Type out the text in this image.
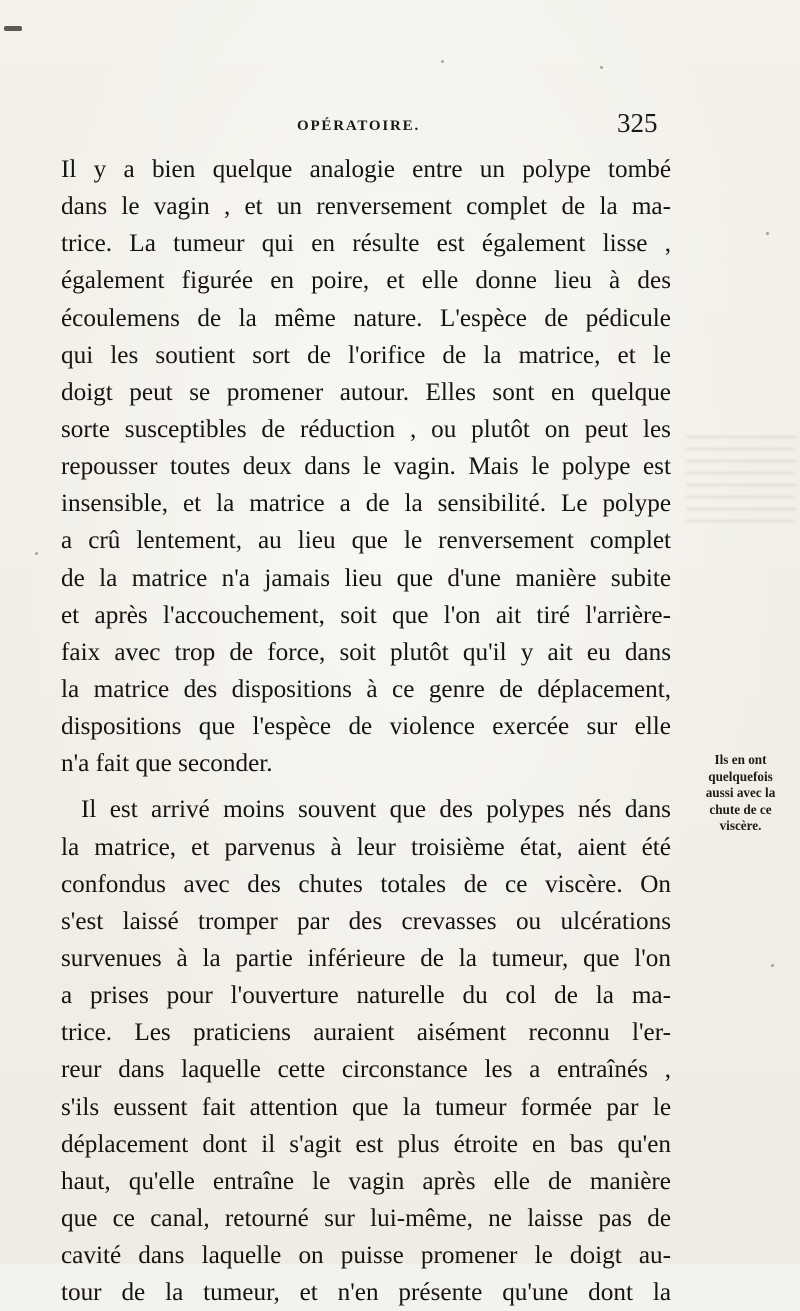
OPÉRATOIRE.	325
Il y a bien quelque analogie entre un polype tombé
dans le vagin , et un renversement complet de la ma-
trice. La tumeur qui en résulte est également lisse ,
également figurée en poire, et elle donne lieu à des
écoulemens de la même nature. L'espèce de pédicule
qui les soutient sort de l'orifice de la matrice, et le
doigt peut se promener autour. Elles sont en quelque
sorte susceptibles de réduction , ou plutôt on peut les
repousser toutes deux dans le vagin. Mais le polype est
insensible, et la matrice a de la sensibilité. Le polype
a crû lentement, au lieu que le renversement complet
de la matrice n'a jamais lieu que d'une manière subite
et après l'accouchement, soit que l'on ait tiré l'arrière-
faix avec trop de force, soit plutôt qu'il y ait eu dans
la matrice des dispositions à ce genre de déplacement,
dispositions que l'espèce de violence exercée sur elle
n'a fait que seconder.
Il est arrivé moins souvent que des polypes nés dans
la matrice, et parvenus à leur troisième état, aient été
confondus avec des chutes totales de ce viscère. On
s'est laissé tromper par des crevasses ou ulcérations
survenues à la partie inférieure de la tumeur, que l'on
a prises pour l'ouverture naturelle du col de la ma-
trice. Les praticiens auraient aisément reconnu l'er-
reur dans laquelle cette circonstance les a entraînés ,
s'ils eussent fait attention que la tumeur formée par le
déplacement dont il s'agit est plus étroite en bas qu'en
haut, qu'elle entraîne le vagin après elle de manière
que ce canal, retourné sur lui-même, ne laisse pas de
cavité dans laquelle on puisse promener le doigt au-
tour de la tumeur, et n'en présente qu'une dont la
Ils en ont
quelquefois
aussi avec la
chute de ce
viscère.
